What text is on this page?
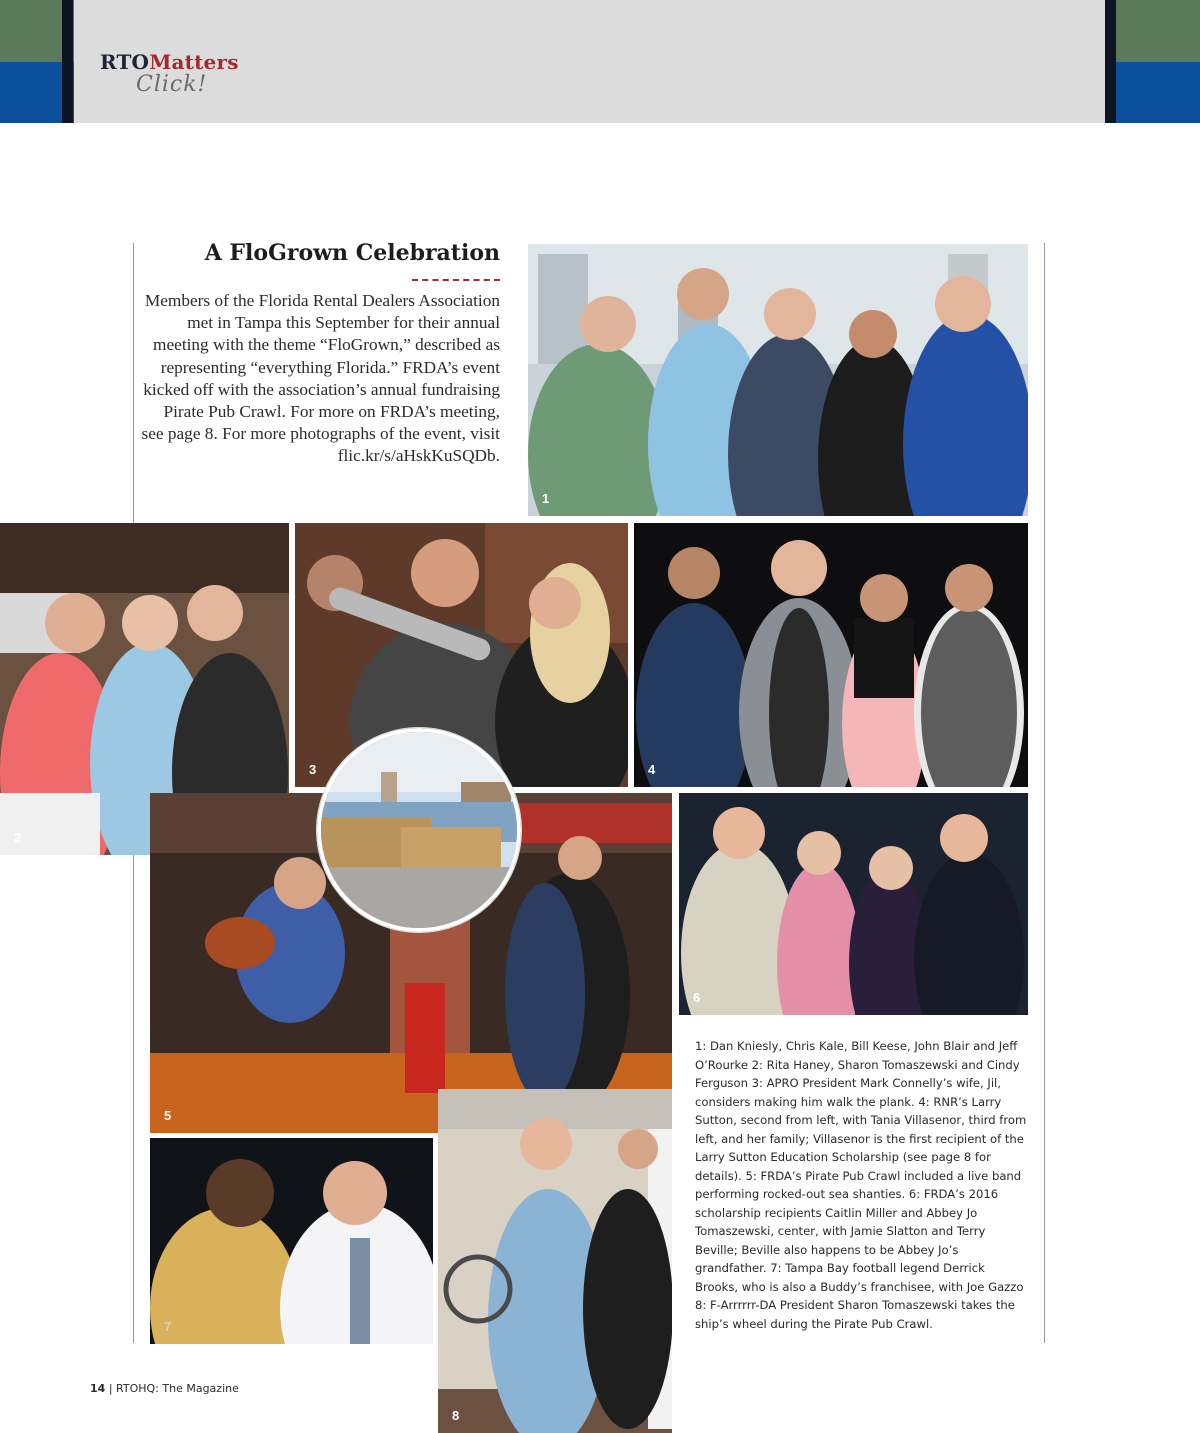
RTOMatters
Click!
A FloGrown Celebration
Members of the Florida Rental Dealers Association met in Tampa this September for their annual meeting with the theme “FloGrown,” described as representing “everything Florida.” FRDA’s event kicked off with the association’s annual fundraising Pirate Pub Crawl. For more on FRDA’s meeting, see page 8. For more photographs of the event, visit flic.kr/s/aHskKuSQDb.
1
2
3	4
5
6
7
8
1: Dan Kniesly, Chris Kale, Bill Keese, John Blair and Jeff O’Rourke 2: Rita Haney, Sharon Tomaszewski and Cindy Ferguson 3: APRO President Mark Connelly’s wife, Jil, considers making him walk the plank. 4: RNR’s Larry Sutton, second from left, with Tania Villasenor, third from left, and her family; Villasenor is the first recipient of the Larry Sutton Education Scholarship (see page 8 for details). 5: FRDA’s Pirate Pub Crawl included a live band performing rocked-out sea shanties. 6: FRDA’s 2016 scholarship recipients Caitlin Miller and Abbey Jo Tomaszewski, center, with Jamie Slatton and Terry Beville; Beville also happens to be Abbey Jo’s grandfather. 7: Tampa Bay football legend Derrick Brooks, who is also a Buddy’s franchisee, with Joe Gazzo 8: F-Arrrrrr-DA President Sharon Tomaszewski takes the ship’s wheel during the Pirate Pub Crawl.
14 | RTOHQ: The Magazine
